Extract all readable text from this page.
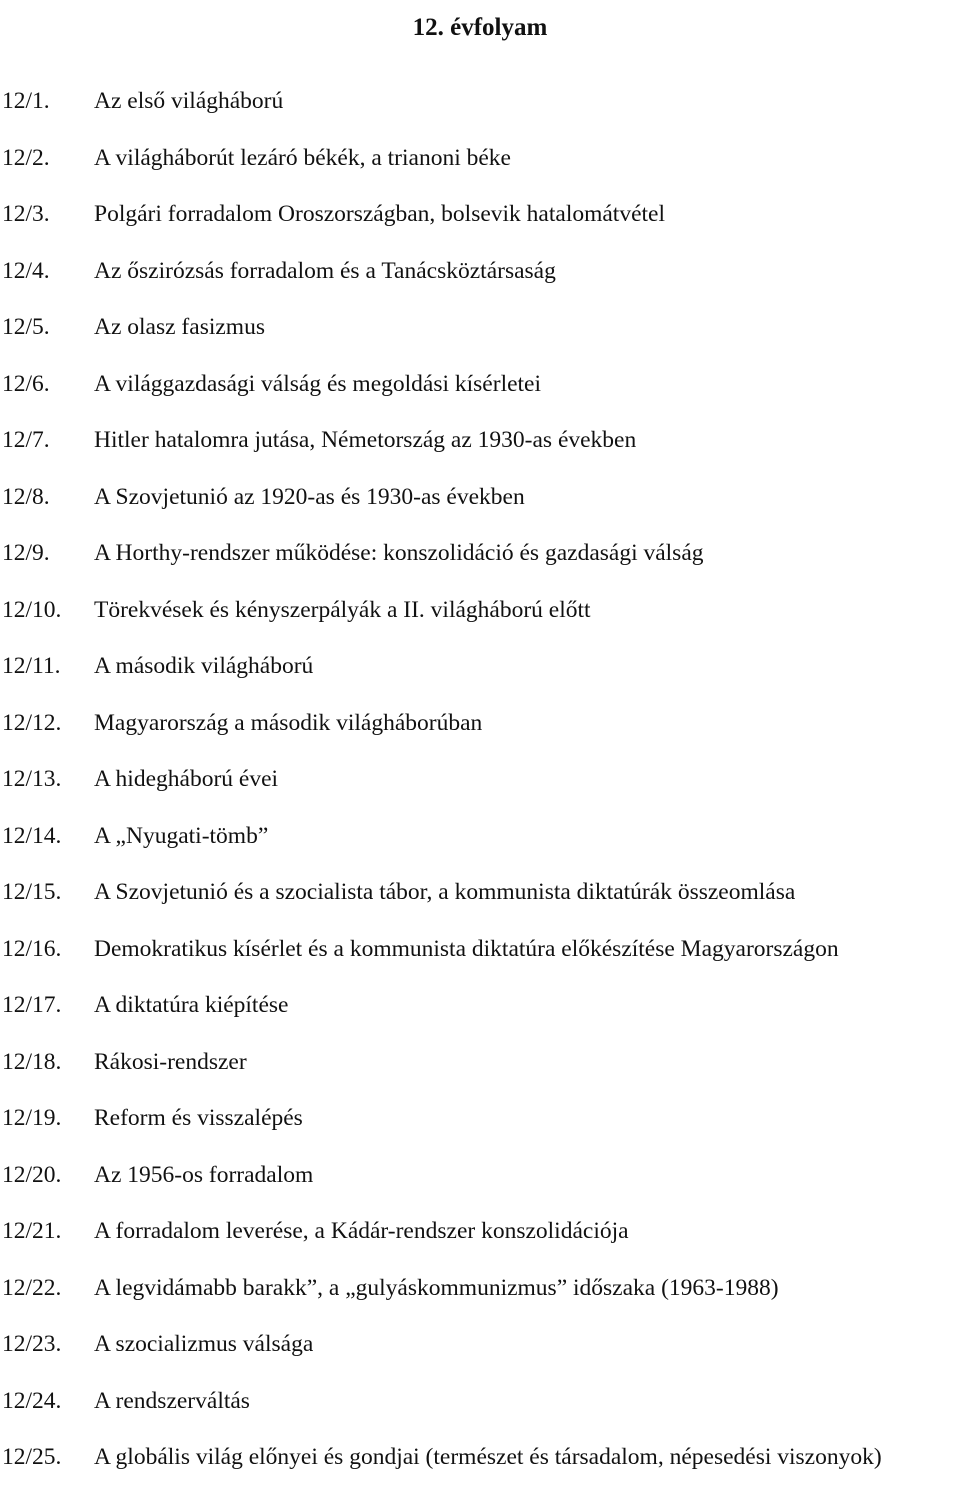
12. évfolyam
12/1. Az első világháború
12/2. A világháborút lezáró békék, a trianoni béke
12/3. Polgári forradalom Oroszországban, bolsevik hatalomátvétel
12/4. Az őszirózsás forradalom és a Tanácsköztársaság
12/5. Az olasz fasizmus
12/6. A világgazdasági válság és megoldási kísérletei
12/7. Hitler hatalomra jutása, Németország az 1930-as években
12/8. A Szovjetunió az 1920-as és 1930-as években
12/9. A Horthy-rendszer működése: konszolidáció és gazdasági válság
12/10. Törekvések és kényszerpályák a II. világháború előtt
12/11. A második világháború
12/12. Magyarország a második világháborúban
12/13. A hidegháború évei
12/14. A „Nyugati-tömb”
12/15. A Szovjetunió és a szocialista tábor, a kommunista diktatúrák összeomlása
12/16. Demokratikus kísérlet és a kommunista diktatúra előkészítése Magyarországon
12/17. A diktatúra kiépítése
12/18. Rákosi-rendszer
12/19. Reform és visszalépés
12/20. Az 1956-os forradalom
12/21. A forradalom leverése, a Kádár-rendszer konszolidációja
12/22. A legvidámabb barakk”, a „gulyáskommunizmus” időszaka (1963-1988)
12/23. A szocializmus válsága
12/24. A rendszerváltás
12/25. A globális világ előnyei és gondjai (természet és társadalom, népesedési viszonyok)
